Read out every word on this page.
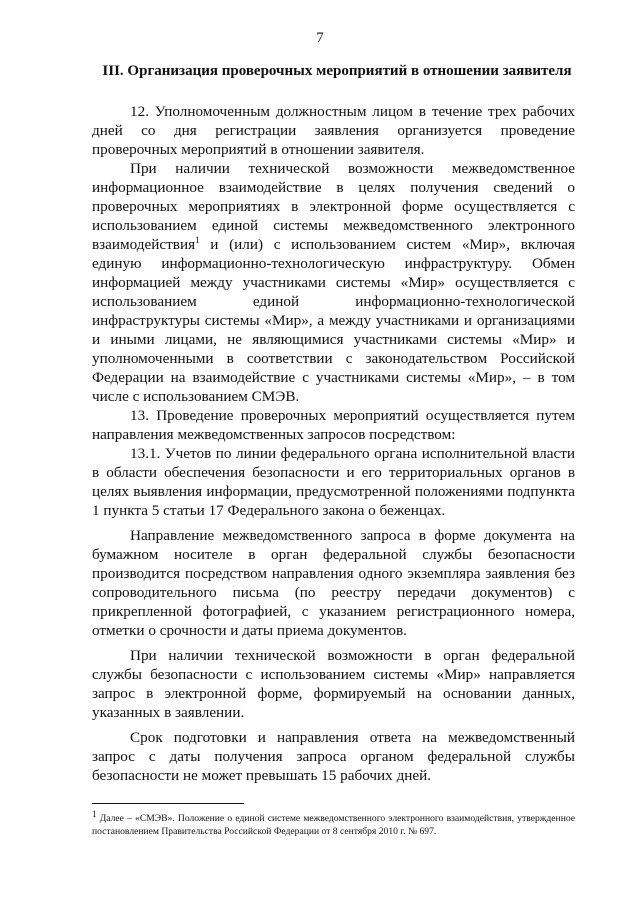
7
III. Организация проверочных мероприятий в отношении заявителя

12. Уполномоченным должностным лицом в течение трех рабочих дней со дня регистрации заявления организуется проведение проверочных мероприятий в отношении заявителя.

При наличии технической возможности межведомственное информационное взаимодействие в целях получения сведений о проверочных мероприятиях в электронной форме осуществляется с использованием единой системы межведомственного электронного взаимодействия$^1$ и (или) с использованием систем «Мир», включая единую информационно-технологическую инфраструктуру. Обмен информацией между участниками системы «Мир» осуществляется с использованием единой информационно-технологической инфраструктуры системы «Мир», а между участниками и организациями и иными лицами, не являющимися участниками системы «Мир» и уполномоченными в соответствии с законодательством Российской Федерации на взаимодействие с участниками системы «Мир», – в том числе с использованием СМЭВ.

13. Проведение проверочных мероприятий осуществляется путем направления межведомственных запросов посредством:

13.1. Учетов по линии федерального органа исполнительной власти в области обеспечения безопасности и его территориальных органов в целях выявления информации, предусмотренной положениями подпункта 1 пункта 5 статьи 17 Федерального закона о беженцах.

Направление межведомственного запроса в форме документа на бумажном носителе в орган федеральной службы безопасности производится посредством направления одного экземпляра заявления без сопроводительного письма (по реестру передачи документов) с прикрепленной фотографией, с указанием регистрационного номера, отметки о срочности и даты приема документов.

При наличии технической возможности в орган федеральной службы безопасности с использованием системы «Мир» направляется запрос в электронной форме, формируемый на основании данных, указанных в заявлении.

Срок подготовки и направления ответа на межведомственный запрос с даты получения запроса органом федеральной службы безопасности не может превышать 15 рабочих дней.

$^1$ Далее – «СМЭВ». Положение о единой системе межведомственного электронного взаимодействия, утвержденное постановлением Правительства Российской Федерации от 8 сентября 2010 г. № 697.
